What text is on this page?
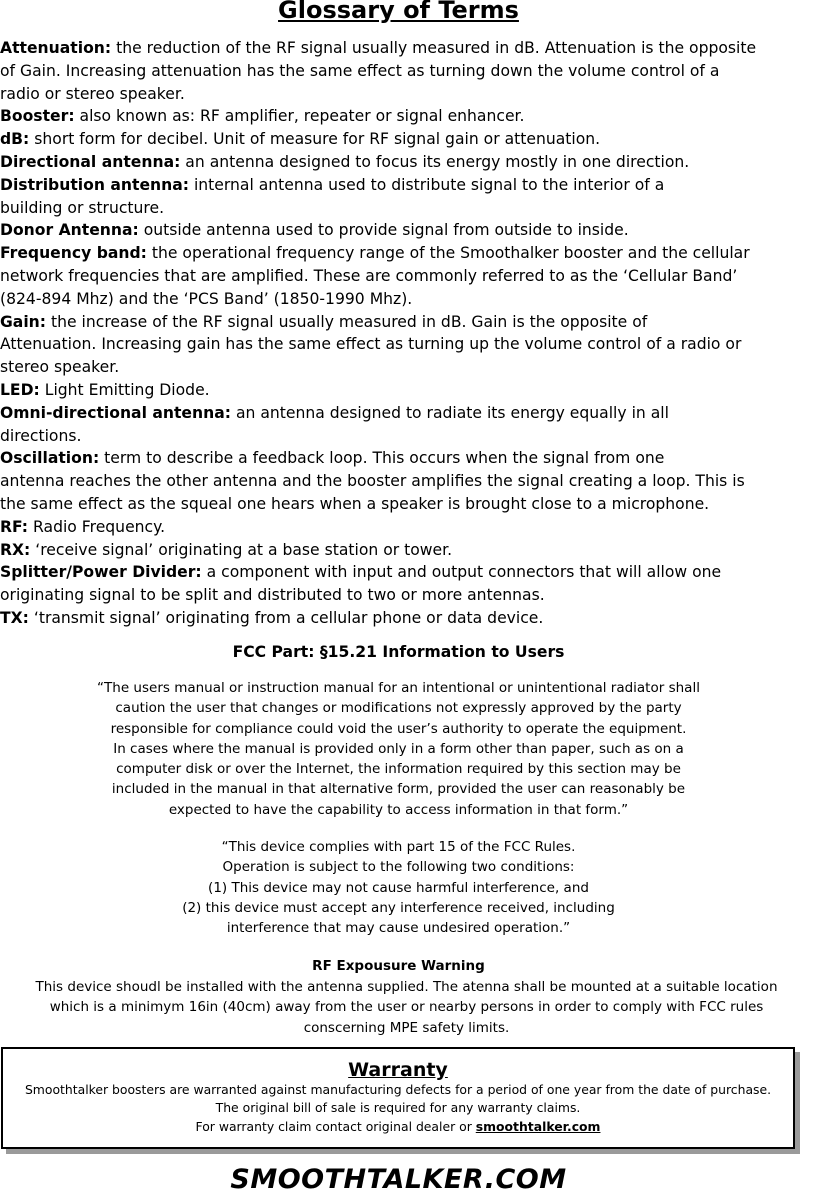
Glossary of Terms

Attenuation: the reduction of the RF signal usually measured in dB. Attenuation is the opposite

of Gain. Increasing attenuation has the same effect as turning down the volume control of a

radio or stereo speaker.

Booster: also known as: RF amplifier, repeater or signal enhancer.

dB: short form for decibel. Unit of measure for RF signal gain or attenuation.

Directional antenna: an antenna designed to focus its energy mostly in one direction.

Distribution antenna: internal antenna used to distribute signal to the interior of a

building or structure.

Donor Antenna: outside antenna used to provide signal from outside to inside.

Frequency band: the operational frequency range of the Smoothalker booster and the cellular

network frequencies that are amplified. These are commonly referred to as the ‘Cellular Band’

(824-894 Mhz) and the ‘PCS Band’ (1850-1990 Mhz).

Gain: the increase of the RF signal usually measured in dB. Gain is the opposite of

Attenuation. Increasing gain has the same effect as turning up the volume control of a radio or

stereo speaker.

LED: Light Emitting Diode.

Omni-directional antenna: an antenna designed to radiate its energy equally in all

directions.

Oscillation: term to describe a feedback loop. This occurs when the signal from one

antenna reaches the other antenna and the booster amplifies the signal creating a loop. This is

the same effect as the squeal one hears when a speaker is brought close to a microphone.

RF: Radio Frequency.

RX: ‘receive signal’ originating at a base station or tower.

Splitter/Power Divider: a component with input and output connectors that will allow one

originating signal to be split and distributed to two or more antennas.

TX: ‘transmit signal’ originating from a cellular phone or data device.

FCC Part: §15.21 Information to Users

“The users manual or instruction manual for an intentional or unintentional radiator shall

caution the user that changes or modifications not expressly approved by the party

responsible for compliance could void the user’s authority to operate the equipment.

In cases where the manual is provided only in a form other than paper, such as on a

computer disk or over the Internet, the information required by this section may be

included in the manual in that alternative form, provided the user can reasonably be

expected to have the capability to access information in that form.”

“This device complies with part 15 of the FCC Rules.

Operation is subject to the following two conditions:

(1) This device may not cause harmful interference, and

(2) this device must accept any interference received, including

interference that may cause undesired operation.”

RF Expousure Warning

This device shoudl be installed with the antenna supplied. The atenna shall be mounted at a suitable location

which is a minimym 16in (40cm) away from the user or nearby persons in order to comply with FCC rules

conscerning MPE safety limits.

Warranty

Smoothtalker boosters are warranted against manufacturing defects for a period of one year from the date of purchase.

The original bill of sale is required for any warranty claims.

For warranty claim contact original dealer or smoothtalker.com

SMOOTHTALKER.COM
